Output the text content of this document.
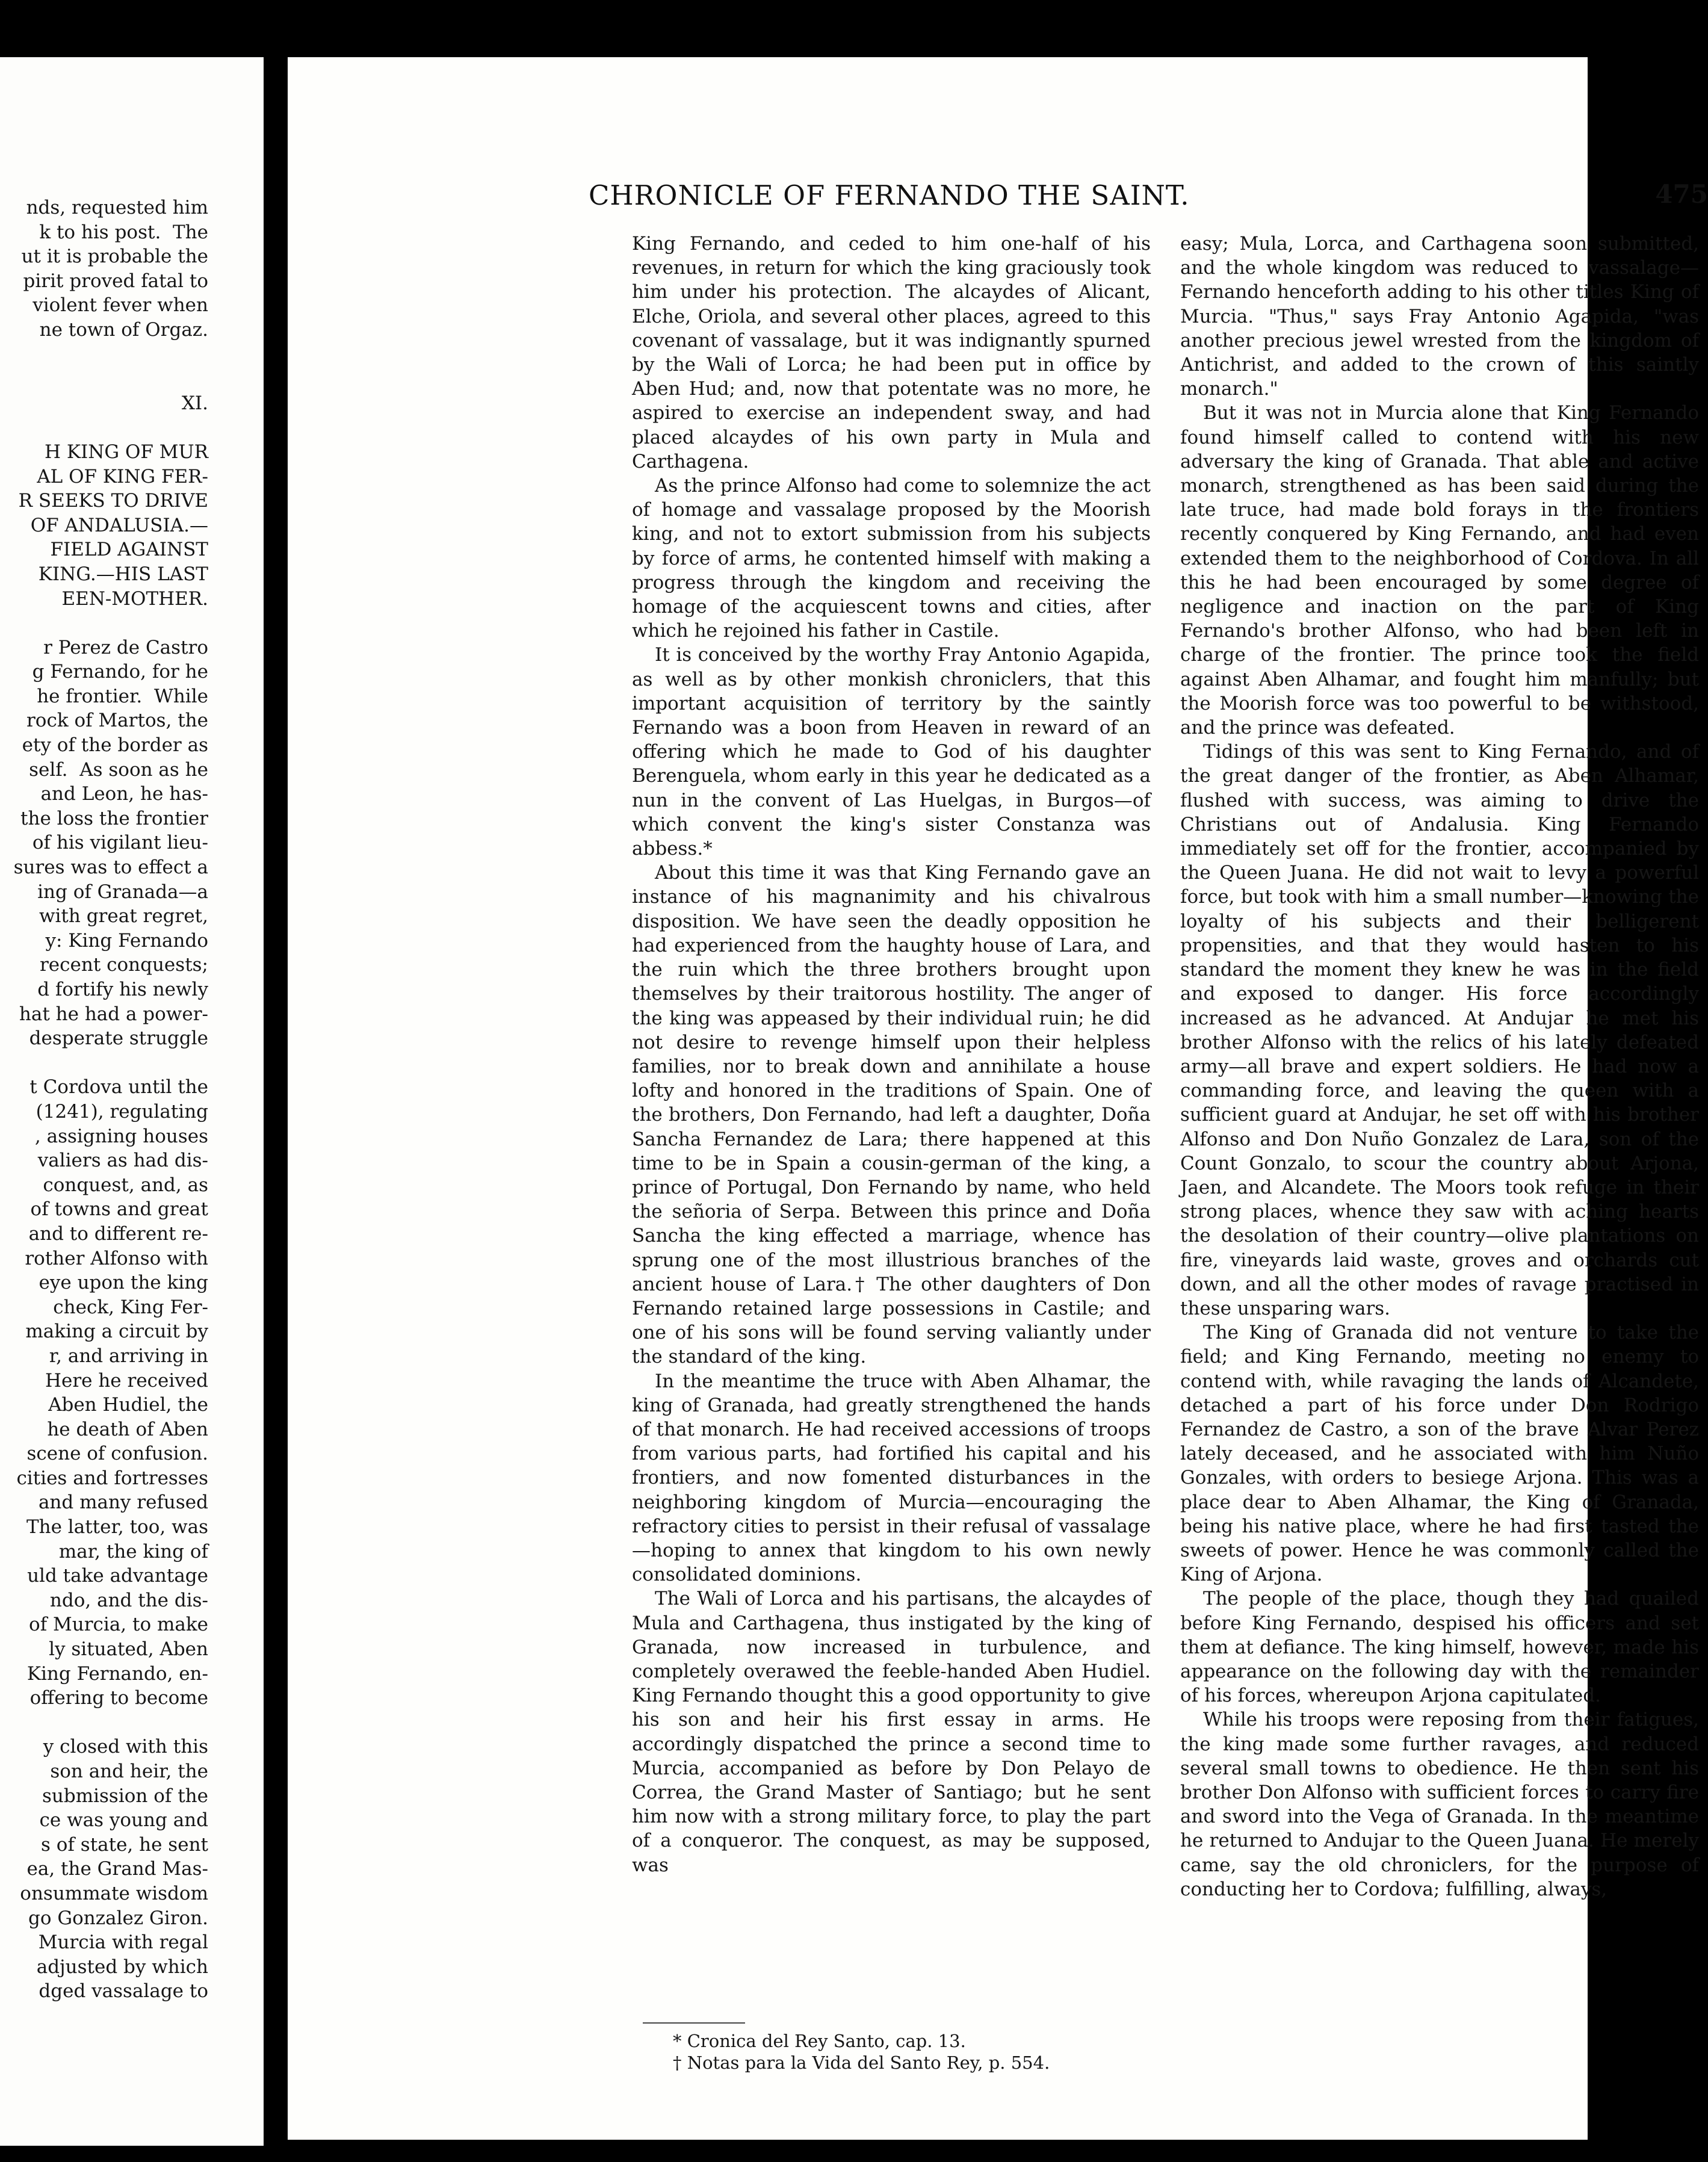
nds, requested him
k to his post.  The
ut it is probable the
pirit proved fatal to
violent fever when
ne town of Orgaz.

XI.

H KING OF MUR
AL OF KING FER-
R SEEKS TO DRIVE
OF ANDALUSIA.—
FIELD AGAINST
KING.—HIS LAST
EEN-MOTHER.

r Perez de Castro
g Fernando, for he
he frontier.  While
rock of Martos, the
ety of the border as
self.  As soon as he
and Leon, he has-
the loss the frontier
of his vigilant lieu-
sures was to effect a
ing of Granada—a
with great regret,
y: King Fernando
recent conquests;
d fortify his newly
hat he had a power-
desperate struggle

t Cordova until the
(1241), regulating
, assigning houses
valiers as had dis-
conquest, and, as
of towns and great
and to different re-
rother Alfonso with
eye upon the king
check, King Fer-
making a circuit by
r, and arriving in
Here he received
Aben Hudiel, the
he death of Aben
scene of confusion.
cities and fortresses
and many refused
The latter, too, was
mar, the king of
uld take advantage
ndo, and the dis-
of Murcia, to make
ly situated, Aben
King Fernando, en-
offering to become

y closed with this
son and heir, the
submission of the
ce was young and
s of state, he sent
ea, the Grand Mas-
onsummate wisdom
go Gonzalez Giron.
Murcia with regal
adjusted by which
dged vassalage to
CHRONICLE OF FERNANDO THE SAINT.	475

King Fernando, and ceded to him one-half of his revenues, in return for which the king graciously took him under his protection. The alcaydes of Alicant, Elche, Oriola, and several other places, agreed to this covenant of vassalage, but it was indignantly spurned by the Wali of Lorca; he had been put in office by Aben Hud; and, now that potentate was no more, he aspired to exercise an independent sway, and had placed alcaydes of his own party in Mula and Carthagena.

As the prince Alfonso had come to solemnize the act of homage and vassalage proposed by the Moorish king, and not to extort submission from his subjects by force of arms, he contented himself with making a progress through the kingdom and receiving the homage of the acquiescent towns and cities, after which he rejoined his father in Castile.

It is conceived by the worthy Fray Antonio Agapida, as well as by other monkish chroniclers, that this important acquisition of territory by the saintly Fernando was a boon from Heaven in reward of an offering which he made to God of his daughter Berenguela, whom early in this year he dedicated as a nun in the convent of Las Huelgas, in Burgos—of which convent the king's sister Constanza was abbess.*

About this time it was that King Fernando gave an instance of his magnanimity and his chivalrous disposition. We have seen the deadly opposition he had experienced from the haughty house of Lara, and the ruin which the three brothers brought upon themselves by their traitorous hostility. The anger of the king was appeased by their individual ruin; he did not desire to revenge himself upon their helpless families, nor to break down and annihilate a house lofty and honored in the traditions of Spain. One of the brothers, Don Fernando, had left a daughter, Doña Sancha Fernandez de Lara; there happened at this time to be in Spain a cousin-german of the king, a prince of Portugal, Don Fernando by name, who held the señoria of Serpa. Between this prince and Doña Sancha the king effected a marriage, whence has sprung one of the most illustrious branches of the ancient house of Lara.† The other daughters of Don Fernando retained large possessions in Castile; and one of his sons will be found serving valiantly under the standard of the king.

In the meantime the truce with Aben Alhamar, the king of Granada, had greatly strengthened the hands of that monarch. He had received accessions of troops from various parts, had fortified his capital and his frontiers, and now fomented disturbances in the neighboring kingdom of Murcia—encouraging the refractory cities to persist in their refusal of vassalage—hoping to annex that kingdom to his own newly consolidated dominions.

The Wali of Lorca and his partisans, the alcaydes of Mula and Carthagena, thus instigated by the king of Granada, now increased in turbulence, and completely overawed the feeble-handed Aben Hudiel. King Fernando thought this a good opportunity to give his son and heir his first essay in arms. He accordingly dispatched the prince a second time to Murcia, accompanied as before by Don Pelayo de Correa, the Grand Master of Santiago; but he sent him now with a strong military force, to play the part of a conqueror. The conquest, as may be supposed, was

easy; Mula, Lorca, and Carthagena soon submitted, and the whole kingdom was reduced to vassalage—Fernando henceforth adding to his other titles King of Murcia. "Thus," says Fray Antonio Agapida, "was another precious jewel wrested from the kingdom of Antichrist, and added to the crown of this saintly monarch."

But it was not in Murcia alone that King Fernando found himself called to contend with his new adversary the king of Granada. That able and active monarch, strengthened as has been said during the late truce, had made bold forays in the frontiers recently conquered by King Fernando, and had even extended them to the neighborhood of Cordova. In all this he had been encouraged by some degree of negligence and inaction on the part of King Fernando's brother Alfonso, who had been left in charge of the frontier. The prince took the field against Aben Alhamar, and fought him manfully; but the Moorish force was too powerful to be withstood, and the prince was defeated.

Tidings of this was sent to King Fernando, and of the great danger of the frontier, as Aben Alhamar, flushed with success, was aiming to drive the Christians out of Andalusia. King Fernando immediately set off for the frontier, accompanied by the Queen Juana. He did not wait to levy a powerful force, but took with him a small number—knowing the loyalty of his subjects and their belligerent propensities, and that they would hasten to his standard the moment they knew he was in the field and exposed to danger. His force accordingly increased as he advanced. At Andujar he met his brother Alfonso with the relics of his lately defeated army—all brave and expert soldiers. He had now a commanding force, and leaving the queen with a sufficient guard at Andujar, he set off with his brother Alfonso and Don Nuño Gonzalez de Lara, son of the Count Gonzalo, to scour the country about Arjona, Jaen, and Alcandete. The Moors took refuge in their strong places, whence they saw with aching hearts the desolation of their country—olive plantations on fire, vineyards laid waste, groves and orchards cut down, and all the other modes of ravage practised in these unsparing wars.

The King of Granada did not venture to take the field; and King Fernando, meeting no enemy to contend with, while ravaging the lands of Alcandete, detached a part of his force under Don Rodrigo Fernandez de Castro, a son of the brave Alvar Perez lately deceased, and he associated with him Nuño Gonzales, with orders to besiege Arjona. This was a place dear to Aben Alhamar, the King of Granada, being his native place, where he had first tasted the sweets of power. Hence he was commonly called the King of Arjona.

The people of the place, though they had quailed before King Fernando, despised his officers and set them at defiance. The king himself, however, made his appearance on the following day with the remainder of his forces, whereupon Arjona capitulated.

While his troops were reposing from their fatigues, the king made some further ravages, and reduced several small towns to obedience. He then sent his brother Don Alfonso with sufficient forces to carry fire and sword into the Vega of Granada. In the meantime he returned to Andujar to the Queen Juana. He merely came, say the old chroniclers, for the purpose of conducting her to Cordova; fulfilling, always,

* Cronica del Rey Santo, cap. 13.
† Notas para la Vida del Santo Rey, p. 554.
